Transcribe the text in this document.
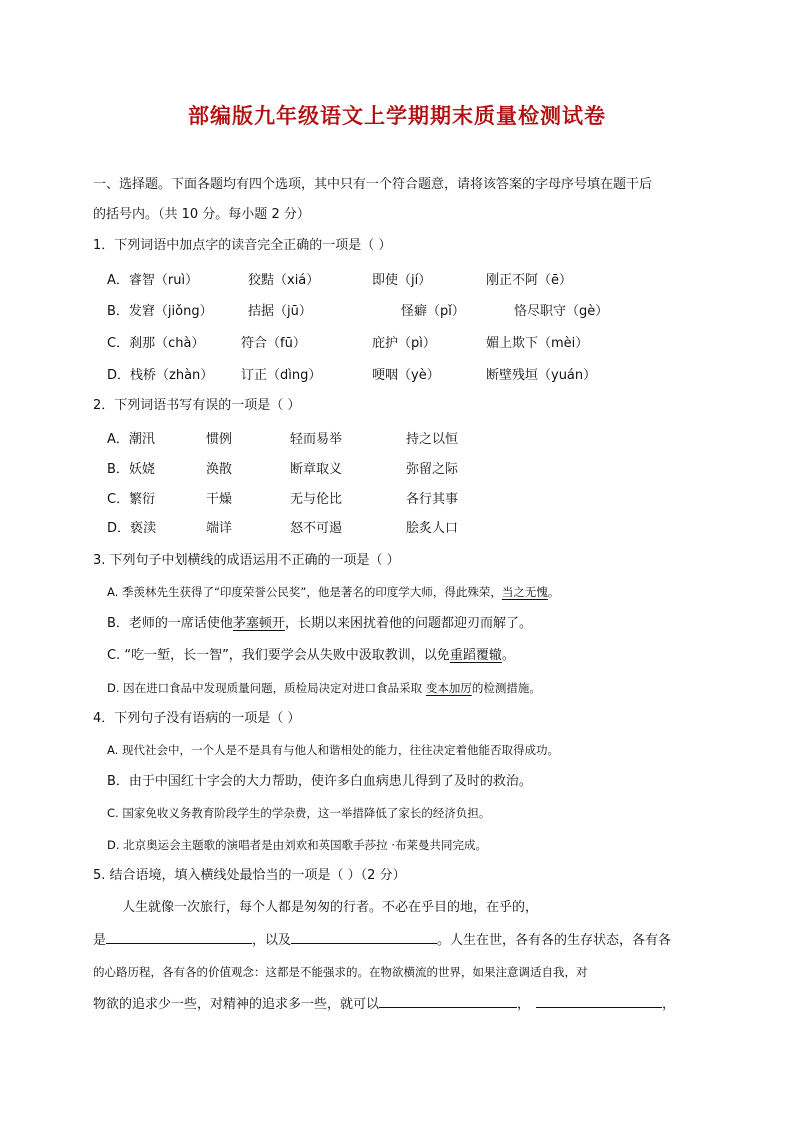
部编版九年级语文上学期期末质量检测试卷
一、选择题。下面各题均有四个选项，其中只有一个符合题意，请将该答案的字母序号填在题干后
的括号内。（共 10 分。每小题 2 分）
1．下列词语中加点字的读音完全正确的一项是（ ）
A．睿智（ruì）	狡黠（xiá）	即使（jí）	刚正不阿（ē）
B．发窘（jiǒng）	拮据（jū）	怪癖（pǐ）	恪尽职守（gè）
C．刹那（chà）	符合（fū）	庇护（pì）	媚上欺下（mèi）
D．栈桥（zhàn） 订正（dìng）	哽咽（yè）	断壁残垣（yuán）
2．下列词语书写有误的一项是（ ）
A．潮汛	惯例	轻而易举	持之以恒
B．妖娆	涣散	断章取义	弥留之际
C．繁衍	干燥	无与伦比	各行其事
D．亵渎	端详	怒不可遏	脍炙人口
3. 下列句子中划横线的成语运用不正确的一项是（ ）
A. 季羡林先生获得了“印度荣誉公民奖”，他是著名的印度学大师，得此殊荣，当之无愧。
B．老师的一席话使他茅塞顿开，长期以来困扰着他的问题都迎刃而解了。
C. “吃一堑，长一智”，我们要学会从失败中汲取教训，以免重蹈覆辙。
D. 因在进口食品中发现质量问题，质检局决定对进口食品采取 变本加厉的检测措施。
4．下列句子没有语病的一项是（ ）
A. 现代社会中，一个人是不是具有与他人和谐相处的能力，往往决定着他能否取得成功。
B．由于中国红十字会的大力帮助，使许多白血病患儿得到了及时的救治。
C. 国家免收义务教育阶段学生的学杂费，这一举措降低了家长的经济负担。
D. 北京奥运会主题歌的演唱者是由刘欢和英国歌手莎拉 ·布莱曼共同完成。
5. 结合语境，填入横线处最恰当的一项是（ ）（2 分）
人生就像一次旅行，每个人都是匆匆的行者。不必在乎目的地，在乎的，
是	，以及	。人生在世，各有各的生存状态，各有各
的心路历程，各有各的价值观念：这都是不能强求的。在物欲横流的世界，如果注意调适自我，对
物欲的追求少一些，对精神的追求多一些，就可以	，	，
